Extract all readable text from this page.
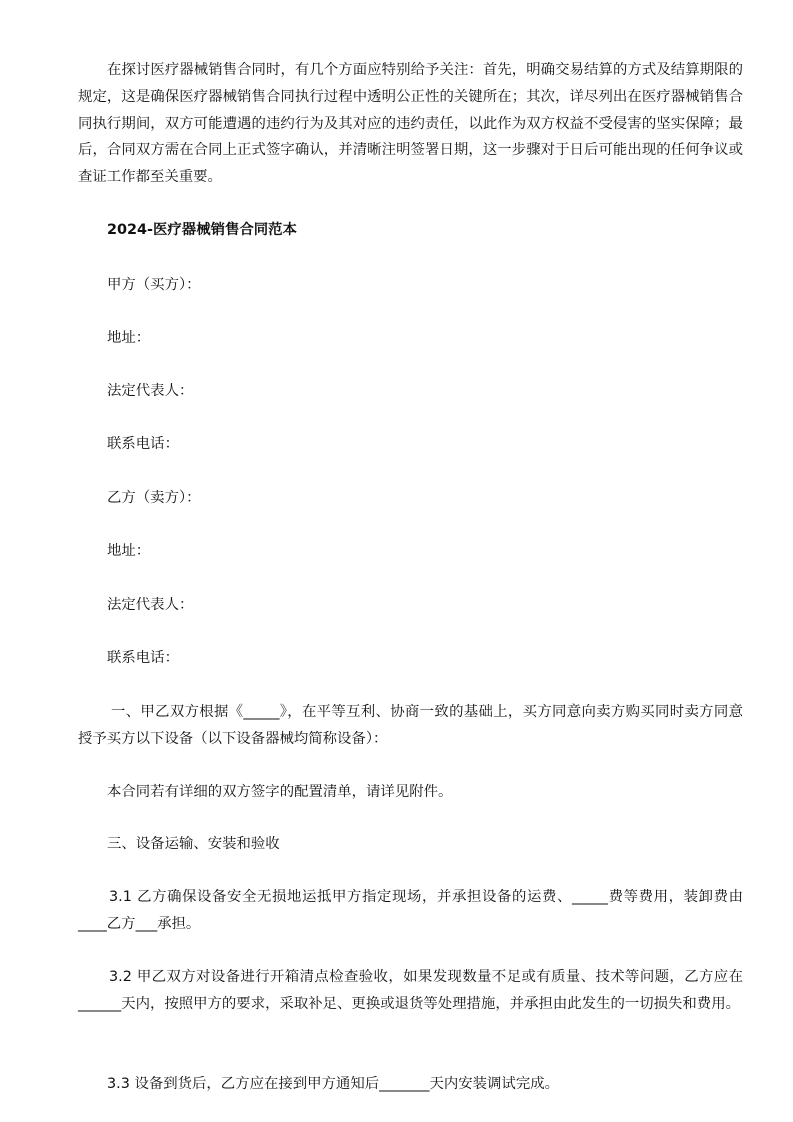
在探讨医疗器械销售合同时，有几个方面应特别给予关注：首先，明确交易结算的方式及结算期限的规定，这是确保医疗器械销售合同执行过程中透明公正性的关键所在；其次，详尽列出在医疗器械销售合同执行期间，双方可能遭遇的违约行为及其对应的违约责任，以此作为双方权益不受侵害的坚实保障；最后，合同双方需在合同上正式签字确认，并清晰注明签署日期，这一步骤对于日后可能出现的任何争议或查证工作都至关重要。

2024-医疗器械销售合同范本

甲方（买方）：

地址：

法定代表人：

联系电话：

乙方（卖方）：

地址：

法定代表人：

联系电话：

一、甲乙双方根据《_____》，在平等互利、协商一致的基础上，买方同意向卖方购买同时卖方同意授予买方以下设备（以下设备器械均简称设备）：

本合同若有详细的双方签字的配置清单，请详见附件。

三、设备运输、安装和验收

3.1 乙方确保设备安全无损地运抵甲方指定现场，并承担设备的运费、_____费等费用，装卸费由____乙方___承担。

3.2 甲乙双方对设备进行开箱清点检查验收，如果发现数量不足或有质量、技术等问题，乙方应在______天内，按照甲方的要求，采取补足、更换或退货等处理措施，并承担由此发生的一切损失和费用。

3.3 设备到货后，乙方应在接到甲方通知后_______天内安装调试完成。
